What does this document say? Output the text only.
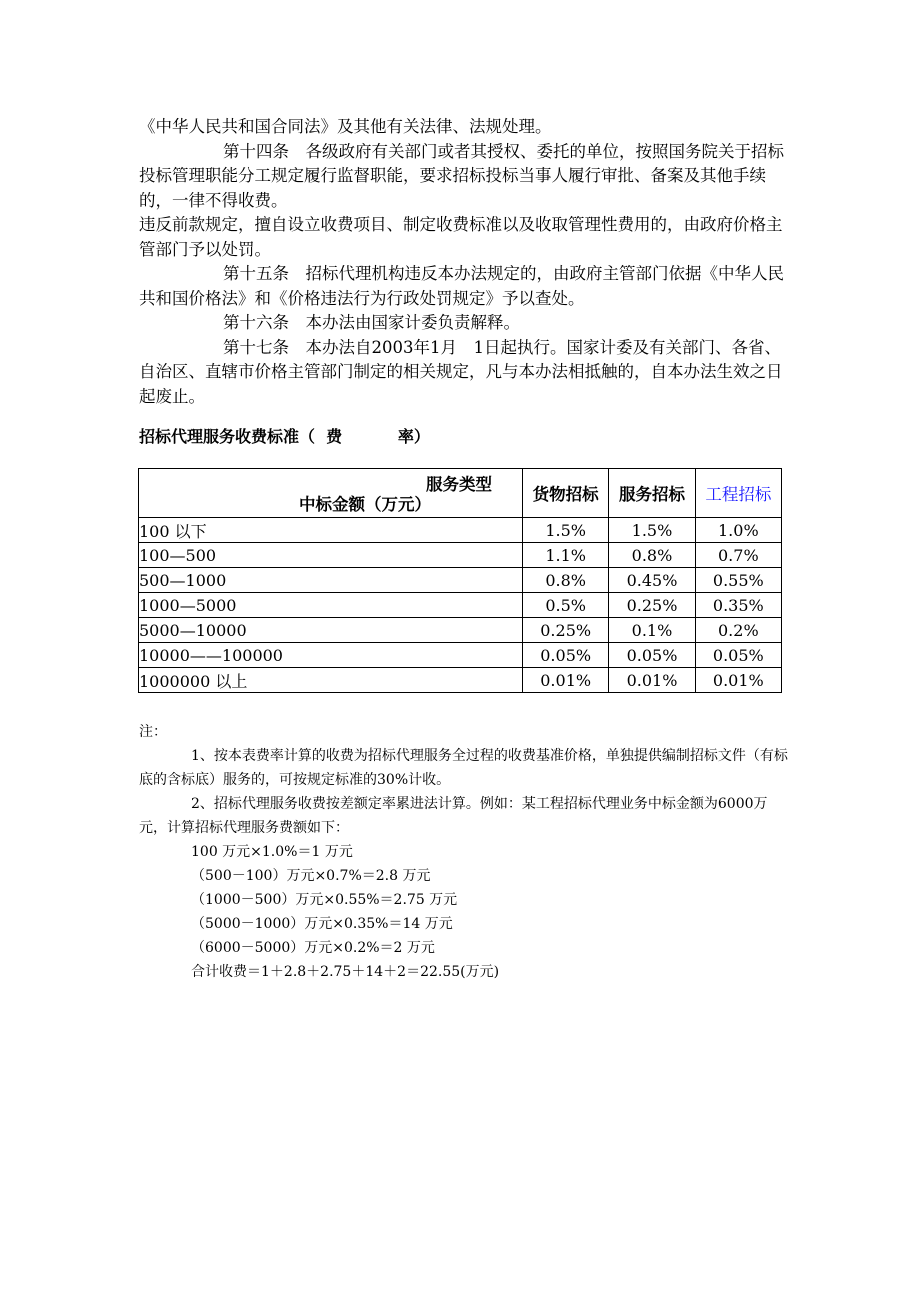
《中华人民共和国合同法》及其他有关法律、法规处理。

第十四条　各级政府有关部门或者其授权、委托的单位，按照国务院关于招标投标管理职能分工规定履行监督职能，要求招标投标当事人履行审批、备案及其他手续的，一律不得收费。

违反前款规定，擅自设立收费项目、制定收费标准以及收取管理性费用的，由政府价格主管部门予以处罚。

第十五条　招标代理机构违反本办法规定的，由政府主管部门依据《中华人民共和国价格法》和《价格违法行为行政处罚规定》予以查处。

第十六条　本办法由国家计委负责解释。

第十七条　本办法自2003年1月　1日起执行。国家计委及有关部门、各省、自治区、直辖市价格主管部门制定的相关规定，凡与本办法相抵触的，自本办法生效之日起废止。

招标代理服务收费标准（  费          率）
服务类型
中标金额（万元）	货物招标	服务招标	工程招标
100 以下	1.5%	1.5%	1.0%
100—500	1.1%	0.8%	0.7%
500—1000	0.8%	0.45%	0.55%
1000—5000	0.5%	0.25%	0.35%
5000—10000	0.25%	0.1%	0.2%
10000——100000	0.05%	0.05%	0.05%
1000000 以上	0.01%	0.01%	0.01%

注：

1、按本表费率计算的收费为招标代理服务全过程的收费基准价格，单独提供编制招标文件（有标底的含标底）服务的，可按规定标准的30%计收。

2、招标代理服务收费按差额定率累进法计算。例如：某工程招标代理业务中标金额为6000万元，计算招标代理服务费额如下：

100 万元×1.0%＝1 万元

（500－100）万元×0.7%＝2.8 万元

（1000－500）万元×0.55%＝2.75 万元

（5000－1000）万元×0.35%＝14 万元

（6000－5000）万元×0.2%＝2 万元

合计收费＝1＋2.8＋2.75＋14＋2＝22.55(万元)
